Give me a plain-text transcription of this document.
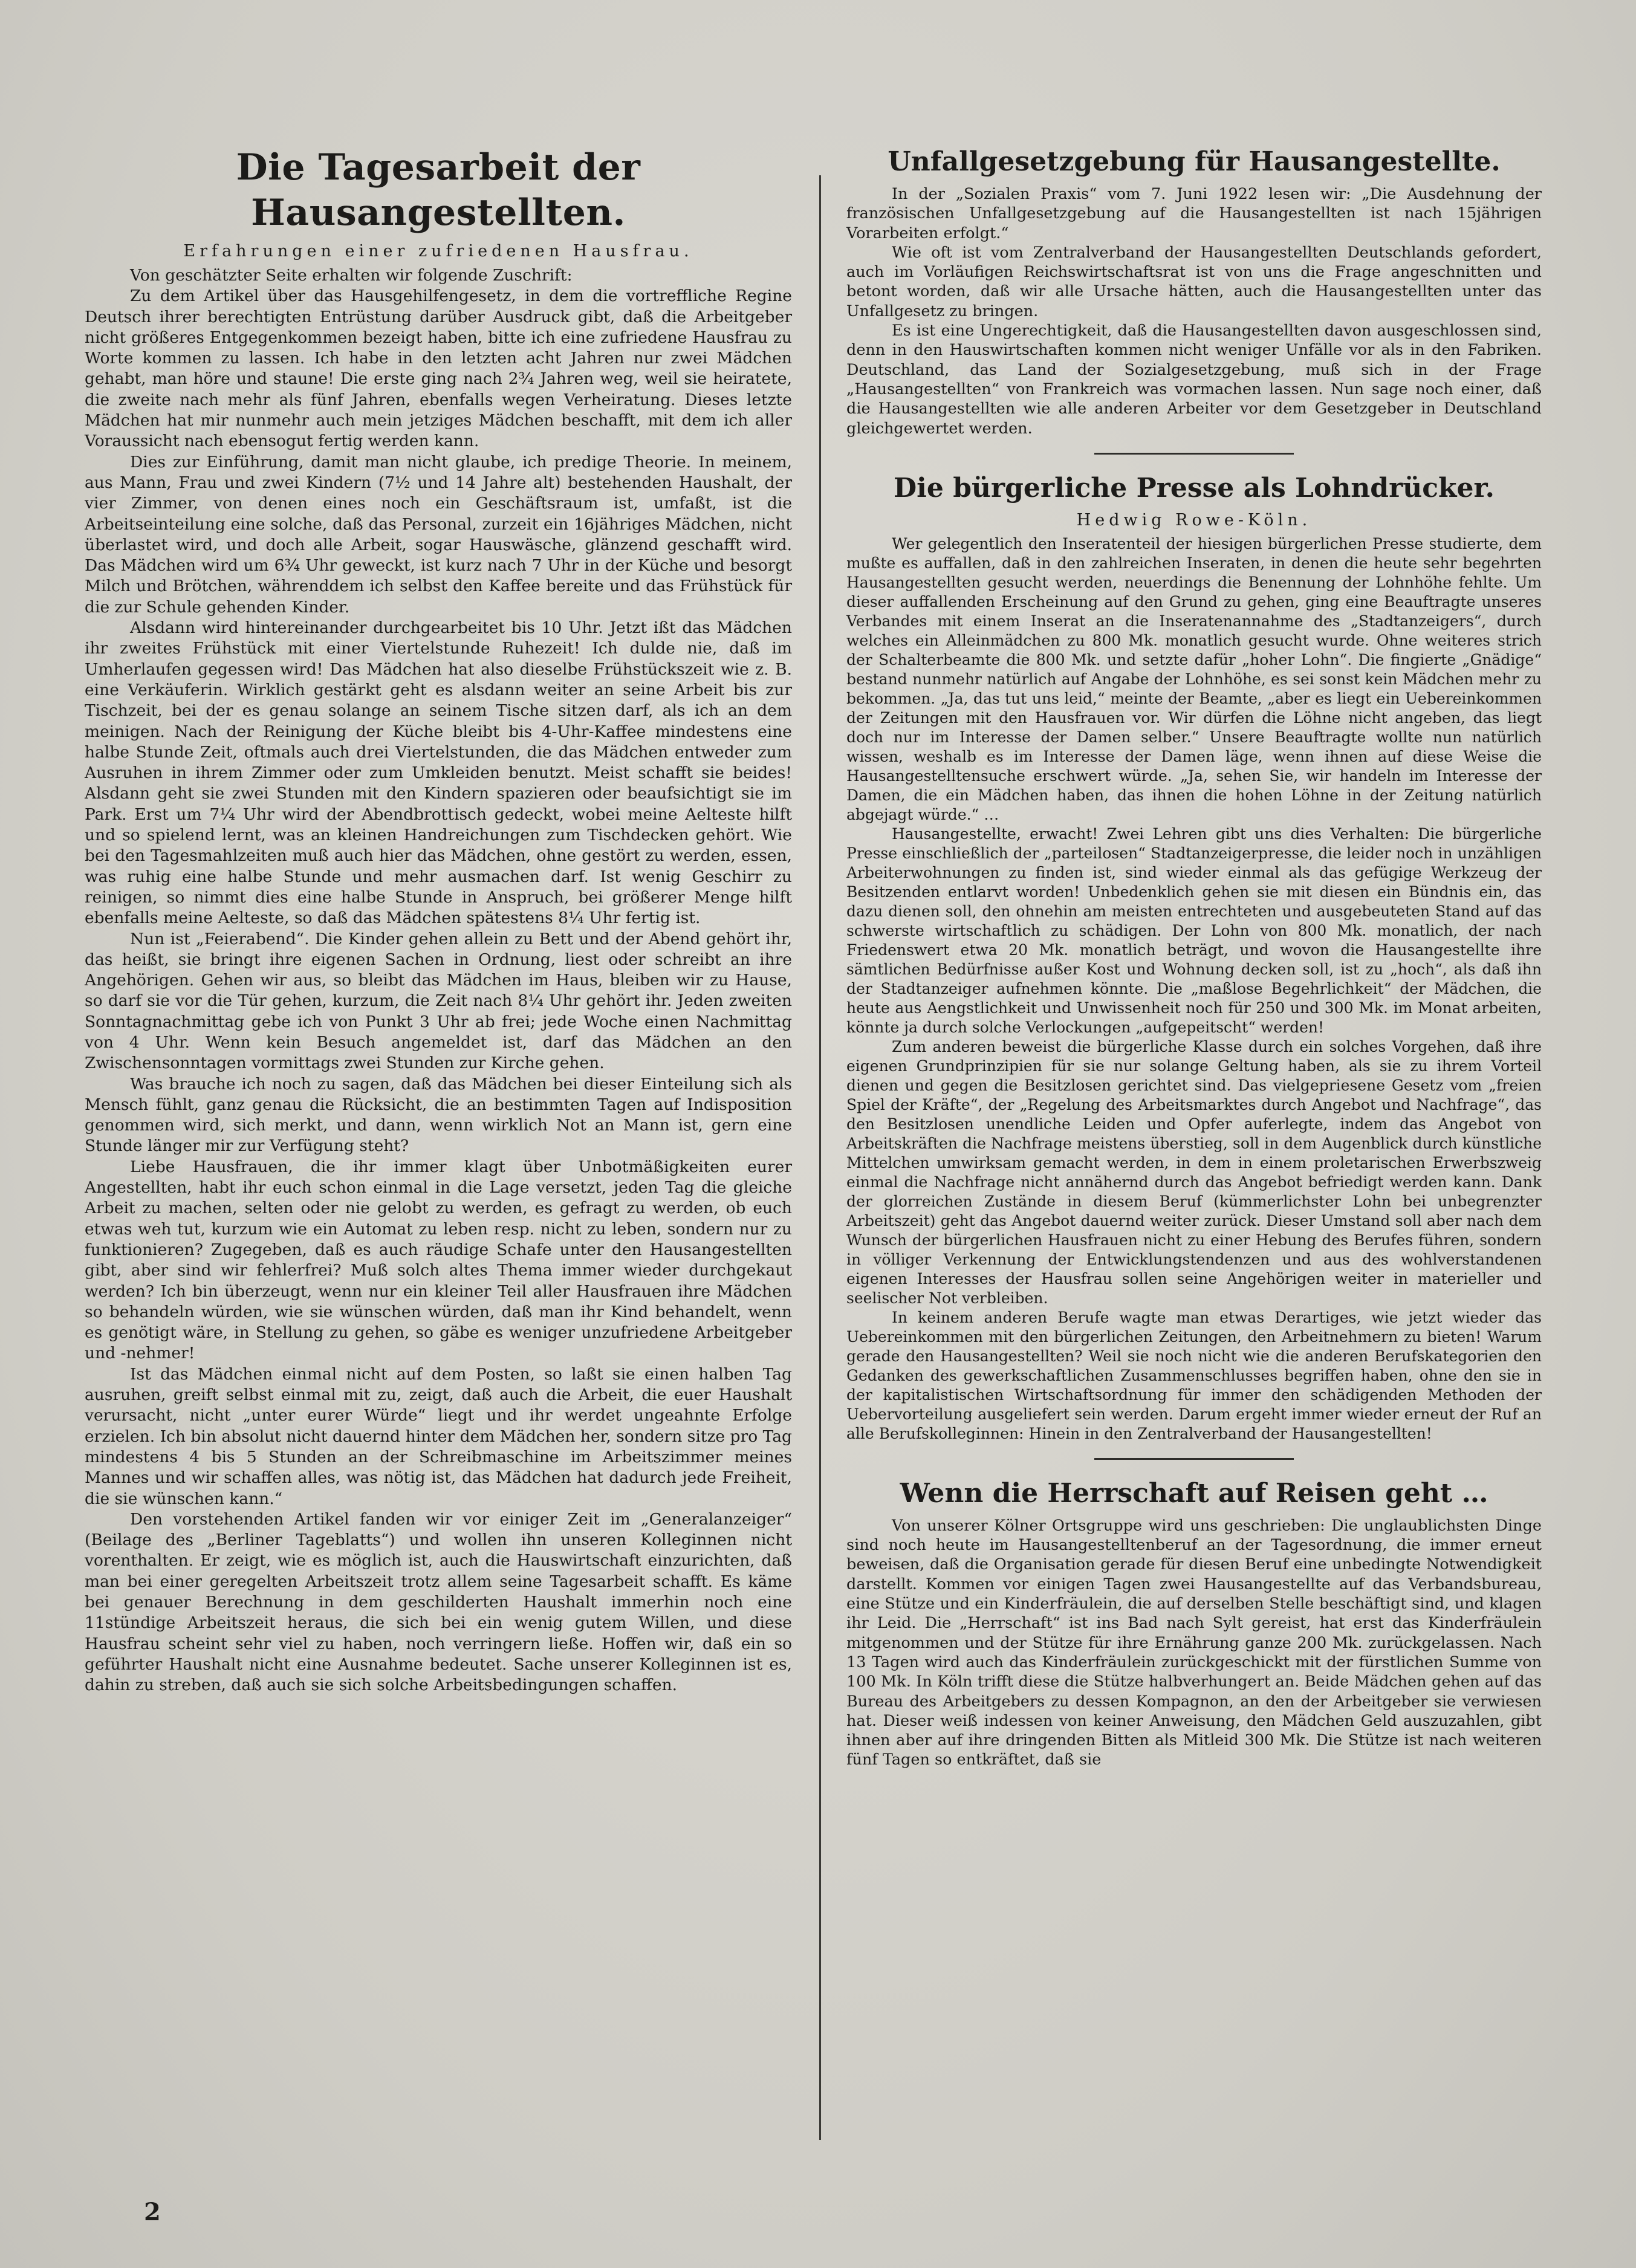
Die Tagesarbeit der Hausangestellten.
Erfahrungen einer zufriedenen Hausfrau.

Von geschätzter Seite erhalten wir folgende Zuschrift:

Zu dem Artikel über das Hausgehilfengesetz, in dem die vortreffliche Regine Deutsch ihrer berechtigten Entrüstung darüber Ausdruck gibt, daß die Arbeitgeber nicht größeres Entgegenkommen bezeigt haben, bitte ich eine zufriedene Hausfrau zu Worte kommen zu lassen. Ich habe in den letzten acht Jahren nur zwei Mädchen gehabt, man höre und staune! Die erste ging nach 2¾ Jahren weg, weil sie heiratete, die zweite nach mehr als fünf Jahren, ebenfalls wegen Verheiratung. Dieses letzte Mädchen hat mir nunmehr auch mein jetziges Mädchen beschafft, mit dem ich aller Voraussicht nach ebensogut fertig werden kann.

Dies zur Einführung, damit man nicht glaube, ich predige Theorie. In meinem, aus Mann, Frau und zwei Kindern (7½ und 14 Jahre alt) bestehenden Haushalt, der vier Zimmer, von denen eines noch ein Geschäftsraum ist, umfaßt, ist die Arbeitseinteilung eine solche, daß das Personal, zurzeit ein 16jähriges Mädchen, nicht überlastet wird, und doch alle Arbeit, sogar Hauswäsche, glänzend geschafft wird. Das Mädchen wird um 6¾ Uhr geweckt, ist kurz nach 7 Uhr in der Küche und besorgt Milch und Brötchen, währenddem ich selbst den Kaffee bereite und das Frühstück für die zur Schule gehenden Kinder.

Alsdann wird hintereinander durchgearbeitet bis 10 Uhr. Jetzt ißt das Mädchen ihr zweites Frühstück mit einer Viertelstunde Ruhezeit! Ich dulde nie, daß im Umherlaufen gegessen wird! Das Mädchen hat also dieselbe Frühstückszeit wie z. B. eine Verkäuferin. Wirklich gestärkt geht es alsdann weiter an seine Arbeit bis zur Tischzeit, bei der es genau solange an seinem Tische sitzen darf, als ich an dem meinigen. Nach der Reinigung der Küche bleibt bis 4-Uhr-Kaffee mindestens eine halbe Stunde Zeit, oftmals auch drei Viertelstunden, die das Mädchen entweder zum Ausruhen in ihrem Zimmer oder zum Umkleiden benutzt. Meist schafft sie beides! Alsdann geht sie zwei Stunden mit den Kindern spazieren oder beaufsichtigt sie im Park. Erst um 7¼ Uhr wird der Abendbrottisch gedeckt, wobei meine Aelteste hilft und so spielend lernt, was an kleinen Handreichungen zum Tischdecken gehört. Wie bei den Tagesmahlzeiten muß auch hier das Mädchen, ohne gestört zu werden, essen, was ruhig eine halbe Stunde und mehr ausmachen darf. Ist wenig Geschirr zu reinigen, so nimmt dies eine halbe Stunde in Anspruch, bei größerer Menge hilft ebenfalls meine Aelteste, so daß das Mädchen spätestens 8¼ Uhr fertig ist.

Nun ist „Feierabend“. Die Kinder gehen allein zu Bett und der Abend gehört ihr, das heißt, sie bringt ihre eigenen Sachen in Ordnung, liest oder schreibt an ihre Angehörigen. Gehen wir aus, so bleibt das Mädchen im Haus, bleiben wir zu Hause, so darf sie vor die Tür gehen, kurzum, die Zeit nach 8¼ Uhr gehört ihr. Jeden zweiten Sonntagnachmittag gebe ich von Punkt 3 Uhr ab frei; jede Woche einen Nachmittag von 4 Uhr. Wenn kein Besuch angemeldet ist, darf das Mädchen an den Zwischensonntagen vormittags zwei Stunden zur Kirche gehen.

Was brauche ich noch zu sagen, daß das Mädchen bei dieser Einteilung sich als Mensch fühlt, ganz genau die Rücksicht, die an bestimmten Tagen auf Indisposition genommen wird, sich merkt, und dann, wenn wirklich Not an Mann ist, gern eine Stunde länger mir zur Verfügung steht?

Liebe Hausfrauen, die ihr immer klagt über Unbotmäßigkeiten eurer Angestellten, habt ihr euch schon einmal in die Lage versetzt, jeden Tag die gleiche Arbeit zu machen, selten oder nie gelobt zu werden, es gefragt zu werden, ob euch etwas weh tut, kurzum wie ein Automat zu leben resp. nicht zu leben, sondern nur zu funktionieren? Zugegeben, daß es auch räudige Schafe unter den Hausangestellten gibt, aber sind wir fehlerfrei? Muß solch altes Thema immer wieder durchgekaut werden? Ich bin überzeugt, wenn nur ein kleiner Teil aller Hausfrauen ihre Mädchen so behandeln würden, wie sie wünschen würden, daß man ihr Kind behandelt, wenn es genötigt wäre, in Stellung zu gehen, so gäbe es weniger unzufriedene Arbeitgeber und -nehmer!

Ist das Mädchen einmal nicht auf dem Posten, so laßt sie einen halben Tag ausruhen, greift selbst einmal mit zu, zeigt, daß auch die Arbeit, die euer Haushalt verursacht, nicht „unter eurer Würde“ liegt und ihr werdet ungeahnte Erfolge erzielen. Ich bin absolut nicht dauernd hinter dem Mädchen her, sondern sitze pro Tag mindestens 4 bis 5 Stunden an der Schreibmaschine im Arbeitszimmer meines Mannes und wir schaffen alles, was nötig ist, das Mädchen hat dadurch jede Freiheit, die sie wünschen kann.“

Den vorstehenden Artikel fanden wir vor einiger Zeit im „Generalanzeiger“ (Beilage des „Berliner Tageblatts“) und wollen ihn unseren Kolleginnen nicht vorenthalten. Er zeigt, wie es möglich ist, auch die Hauswirtschaft einzurichten, daß man bei einer geregelten Arbeitszeit trotz allem seine Tagesarbeit schafft. Es käme bei genauer Berechnung in dem geschilderten Haushalt immerhin noch eine 11stündige Arbeitszeit heraus, die sich bei ein wenig gutem Willen, und diese Hausfrau scheint sehr viel zu haben, noch verringern ließe. Hoffen wir, daß ein so geführter Haushalt nicht eine Ausnahme bedeutet. Sache unserer Kolleginnen ist es, dahin zu streben, daß auch sie sich solche Arbeitsbedingungen schaffen.

Unfallgesetzgebung für Hausangestellte.

In der „Sozialen Praxis“ vom 7. Juni 1922 lesen wir: „Die Ausdehnung der französischen Unfallgesetzgebung auf die Hausangestellten ist nach 15jährigen Vorarbeiten erfolgt.“

Wie oft ist vom Zentralverband der Hausangestellten Deutschlands gefordert, auch im Vorläufigen Reichswirtschaftsrat ist von uns die Frage angeschnitten und betont worden, daß wir alle Ursache hätten, auch die Hausangestellten unter das Unfallgesetz zu bringen.

Es ist eine Ungerechtigkeit, daß die Hausangestellten davon ausgeschlossen sind, denn in den Hauswirtschaften kommen nicht weniger Unfälle vor als in den Fabriken. Deutschland, das Land der Sozialgesetzgebung, muß sich in der Frage „Hausangestellten“ von Frankreich was vormachen lassen. Nun sage noch einer, daß die Hausangestellten wie alle anderen Arbeiter vor dem Gesetzgeber in Deutschland gleichgewertet werden.

Die bürgerliche Presse als Lohndrücker.
Hedwig Rowe-Köln.

Wer gelegentlich den Inseratenteil der hiesigen bürgerlichen Presse studierte, dem mußte es auffallen, daß in den zahlreichen Inseraten, in denen die heute sehr begehrten Hausangestellten gesucht werden, neuerdings die Benennung der Lohnhöhe fehlte. Um dieser auffallenden Erscheinung auf den Grund zu gehen, ging eine Beauftragte unseres Verbandes mit einem Inserat an die Inseratenannahme des „Stadtanzeigers“, durch welches ein Alleinmädchen zu 800 Mk. monatlich gesucht wurde. Ohne weiteres strich der Schalterbeamte die 800 Mk. und setzte dafür „hoher Lohn“. Die fingierte „Gnädige“ bestand nunmehr natürlich auf Angabe der Lohnhöhe, es sei sonst kein Mädchen mehr zu bekommen. „Ja, das tut uns leid,“ meinte der Beamte, „aber es liegt ein Uebereinkommen der Zeitungen mit den Hausfrauen vor. Wir dürfen die Löhne nicht angeben, das liegt doch nur im Interesse der Damen selber.“ Unsere Beauftragte wollte nun natürlich wissen, weshalb es im Interesse der Damen läge, wenn ihnen auf diese Weise die Hausangestelltensuche erschwert würde. „Ja, sehen Sie, wir handeln im Interesse der Damen, die ein Mädchen haben, das ihnen die hohen Löhne in der Zeitung natürlich abgejagt würde.“ …

Hausangestellte, erwacht! Zwei Lehren gibt uns dies Verhalten: Die bürgerliche Presse einschließlich der „parteilosen“ Stadtanzeigerpresse, die leider noch in unzähligen Arbeiterwohnungen zu finden ist, sind wieder einmal als das gefügige Werkzeug der Besitzenden entlarvt worden! Unbedenklich gehen sie mit diesen ein Bündnis ein, das dazu dienen soll, den ohnehin am meisten entrechteten und ausgebeuteten Stand auf das schwerste wirtschaftlich zu schädigen. Der Lohn von 800 Mk. monatlich, der nach Friedenswert etwa 20 Mk. monatlich beträgt, und wovon die Hausangestellte ihre sämtlichen Bedürfnisse außer Kost und Wohnung decken soll, ist zu „hoch“, als daß ihn der Stadtanzeiger aufnehmen könnte. Die „maßlose Begehrlichkeit“ der Mädchen, die heute aus Aengstlichkeit und Unwissenheit noch für 250 und 300 Mk. im Monat arbeiten, könnte ja durch solche Verlockungen „aufgepeitscht“ werden!

Zum anderen beweist die bürgerliche Klasse durch ein solches Vorgehen, daß ihre eigenen Grundprinzipien für sie nur solange Geltung haben, als sie zu ihrem Vorteil dienen und gegen die Besitzlosen gerichtet sind. Das vielgepriesene Gesetz vom „freien Spiel der Kräfte“, der „Regelung des Arbeitsmarktes durch Angebot und Nachfrage“, das den Besitzlosen unendliche Leiden und Opfer auferlegte, indem das Angebot von Arbeitskräften die Nachfrage meistens überstieg, soll in dem Augenblick durch künstliche Mittelchen umwirksam gemacht werden, in dem in einem proletarischen Erwerbszweig einmal die Nachfrage nicht annähernd durch das Angebot befriedigt werden kann. Dank der glorreichen Zustände in diesem Beruf (kümmerlichster Lohn bei unbegrenzter Arbeitszeit) geht das Angebot dauernd weiter zurück. Dieser Umstand soll aber nach dem Wunsch der bürgerlichen Hausfrauen nicht zu einer Hebung des Berufes führen, sondern in völliger Verkennung der Entwicklungstendenzen und aus des wohlverstandenen eigenen Interesses der Hausfrau sollen seine Angehörigen weiter in materieller und seelischer Not verbleiben.

In keinem anderen Berufe wagte man etwas Derartiges, wie jetzt wieder das Uebereinkommen mit den bürgerlichen Zeitungen, den Arbeitnehmern zu bieten! Warum gerade den Hausangestellten? Weil sie noch nicht wie die anderen Berufskategorien den Gedanken des gewerkschaftlichen Zusammenschlusses begriffen haben, ohne den sie in der kapitalistischen Wirtschaftsordnung für immer den schädigenden Methoden der Uebervorteilung ausgeliefert sein werden. Darum ergeht immer wieder erneut der Ruf an alle Berufskolleginnen: Hinein in den Zentralverband der Hausangestellten!

Wenn die Herrschaft auf Reisen geht …

Von unserer Kölner Ortsgruppe wird uns geschrieben: Die unglaublichsten Dinge sind noch heute im Hausangestelltenberuf an der Tagesordnung, die immer erneut beweisen, daß die Organisation gerade für diesen Beruf eine unbedingte Notwendigkeit darstellt. Kommen vor einigen Tagen zwei Hausangestellte auf das Verbandsbureau, eine Stütze und ein Kinderfräulein, die auf derselben Stelle beschäftigt sind, und klagen ihr Leid. Die „Herrschaft“ ist ins Bad nach Sylt gereist, hat erst das Kinderfräulein mitgenommen und der Stütze für ihre Ernährung ganze 200 Mk. zurückgelassen. Nach 13 Tagen wird auch das Kinderfräulein zurückgeschickt mit der fürstlichen Summe von 100 Mk. In Köln trifft diese die Stütze halbverhungert an. Beide Mädchen gehen auf das Bureau des Arbeitgebers zu dessen Kompagnon, an den der Arbeitgeber sie verwiesen hat. Dieser weiß indessen von keiner Anweisung, den Mädchen Geld auszuzahlen, gibt ihnen aber auf ihre dringenden Bitten als Mitleid 300 Mk. Die Stütze ist nach weiteren fünf Tagen so entkräftet, daß sie

2
